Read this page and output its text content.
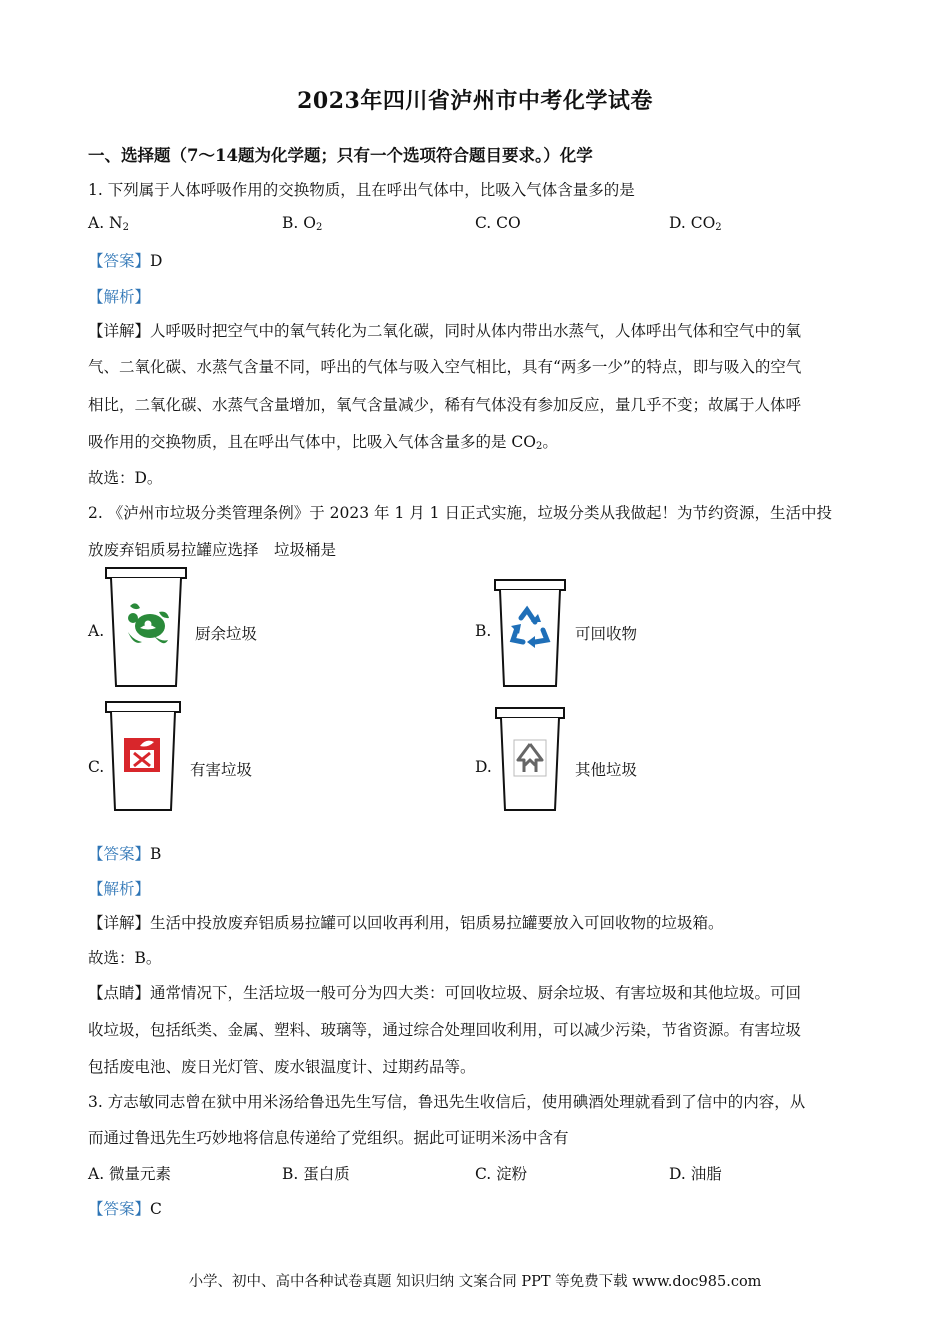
2023年四川省泸州市中考化学试卷
一、选择题（7～14题为化学题；只有一个选项符合题目要求。）化学
1. 下列属于人体呼吸作用的交换物质，且在呼出气体中，比吸入气体含量多的是
A. $N_2$	B. $O_2$	C. CO	D. $CO_2$
【答案】D
【解析】
【详解】人呼吸时把空气中的氧气转化为二氧化碳，同时从体内带出水蒸气，人体呼出气体和空气中的氧
气、二氧化碳、水蒸气含量不同，呼出的气体与吸入空气相比，具有“两多一少”的特点，即与吸入的空气
相比，二氧化碳、水蒸气含量增加，氧气含量减少，稀有气体没有参加反应，量几乎不变；故属于人体呼
吸作用的交换物质，且在呼出气体中，比吸入气体含量多的是 $CO_2$。
故选：D。
2. 《泸州市垃圾分类管理条例》于 2023 年 1 月 1 日正式实施，垃圾分类从我做起！为节约资源，生活中投
放废弃铝质易拉罐应选择　垃圾桶是
A.	厨余垃圾	B.	可回收物
C.	有害垃圾	D.	其他垃圾
【答案】B
【解析】
【详解】生活中投放废弃铝质易拉罐可以回收再利用，铝质易拉罐要放入可回收物的垃圾箱。
故选：B。
【点睛】通常情况下，生活垃圾一般可分为四大类：可回收垃圾、厨余垃圾、有害垃圾和其他垃圾。可回
收垃圾，包括纸类、金属、塑料、玻璃等，通过综合处理回收利用，可以减少污染，节省资源。有害垃圾
包括废电池、废日光灯管、废水银温度计、过期药品等。
3. 方志敏同志曾在狱中用米汤给鲁迅先生写信，鲁迅先生收信后，使用碘酒处理就看到了信中的内容，从
而通过鲁迅先生巧妙地将信息传递给了党组织。据此可证明米汤中含有
A. 微量元素	B. 蛋白质	C. 淀粉	D. 油脂
【答案】C
小学、初中、高中各种试卷真题 知识归纳 文案合同 PPT 等免费下载 www.doc985.com
